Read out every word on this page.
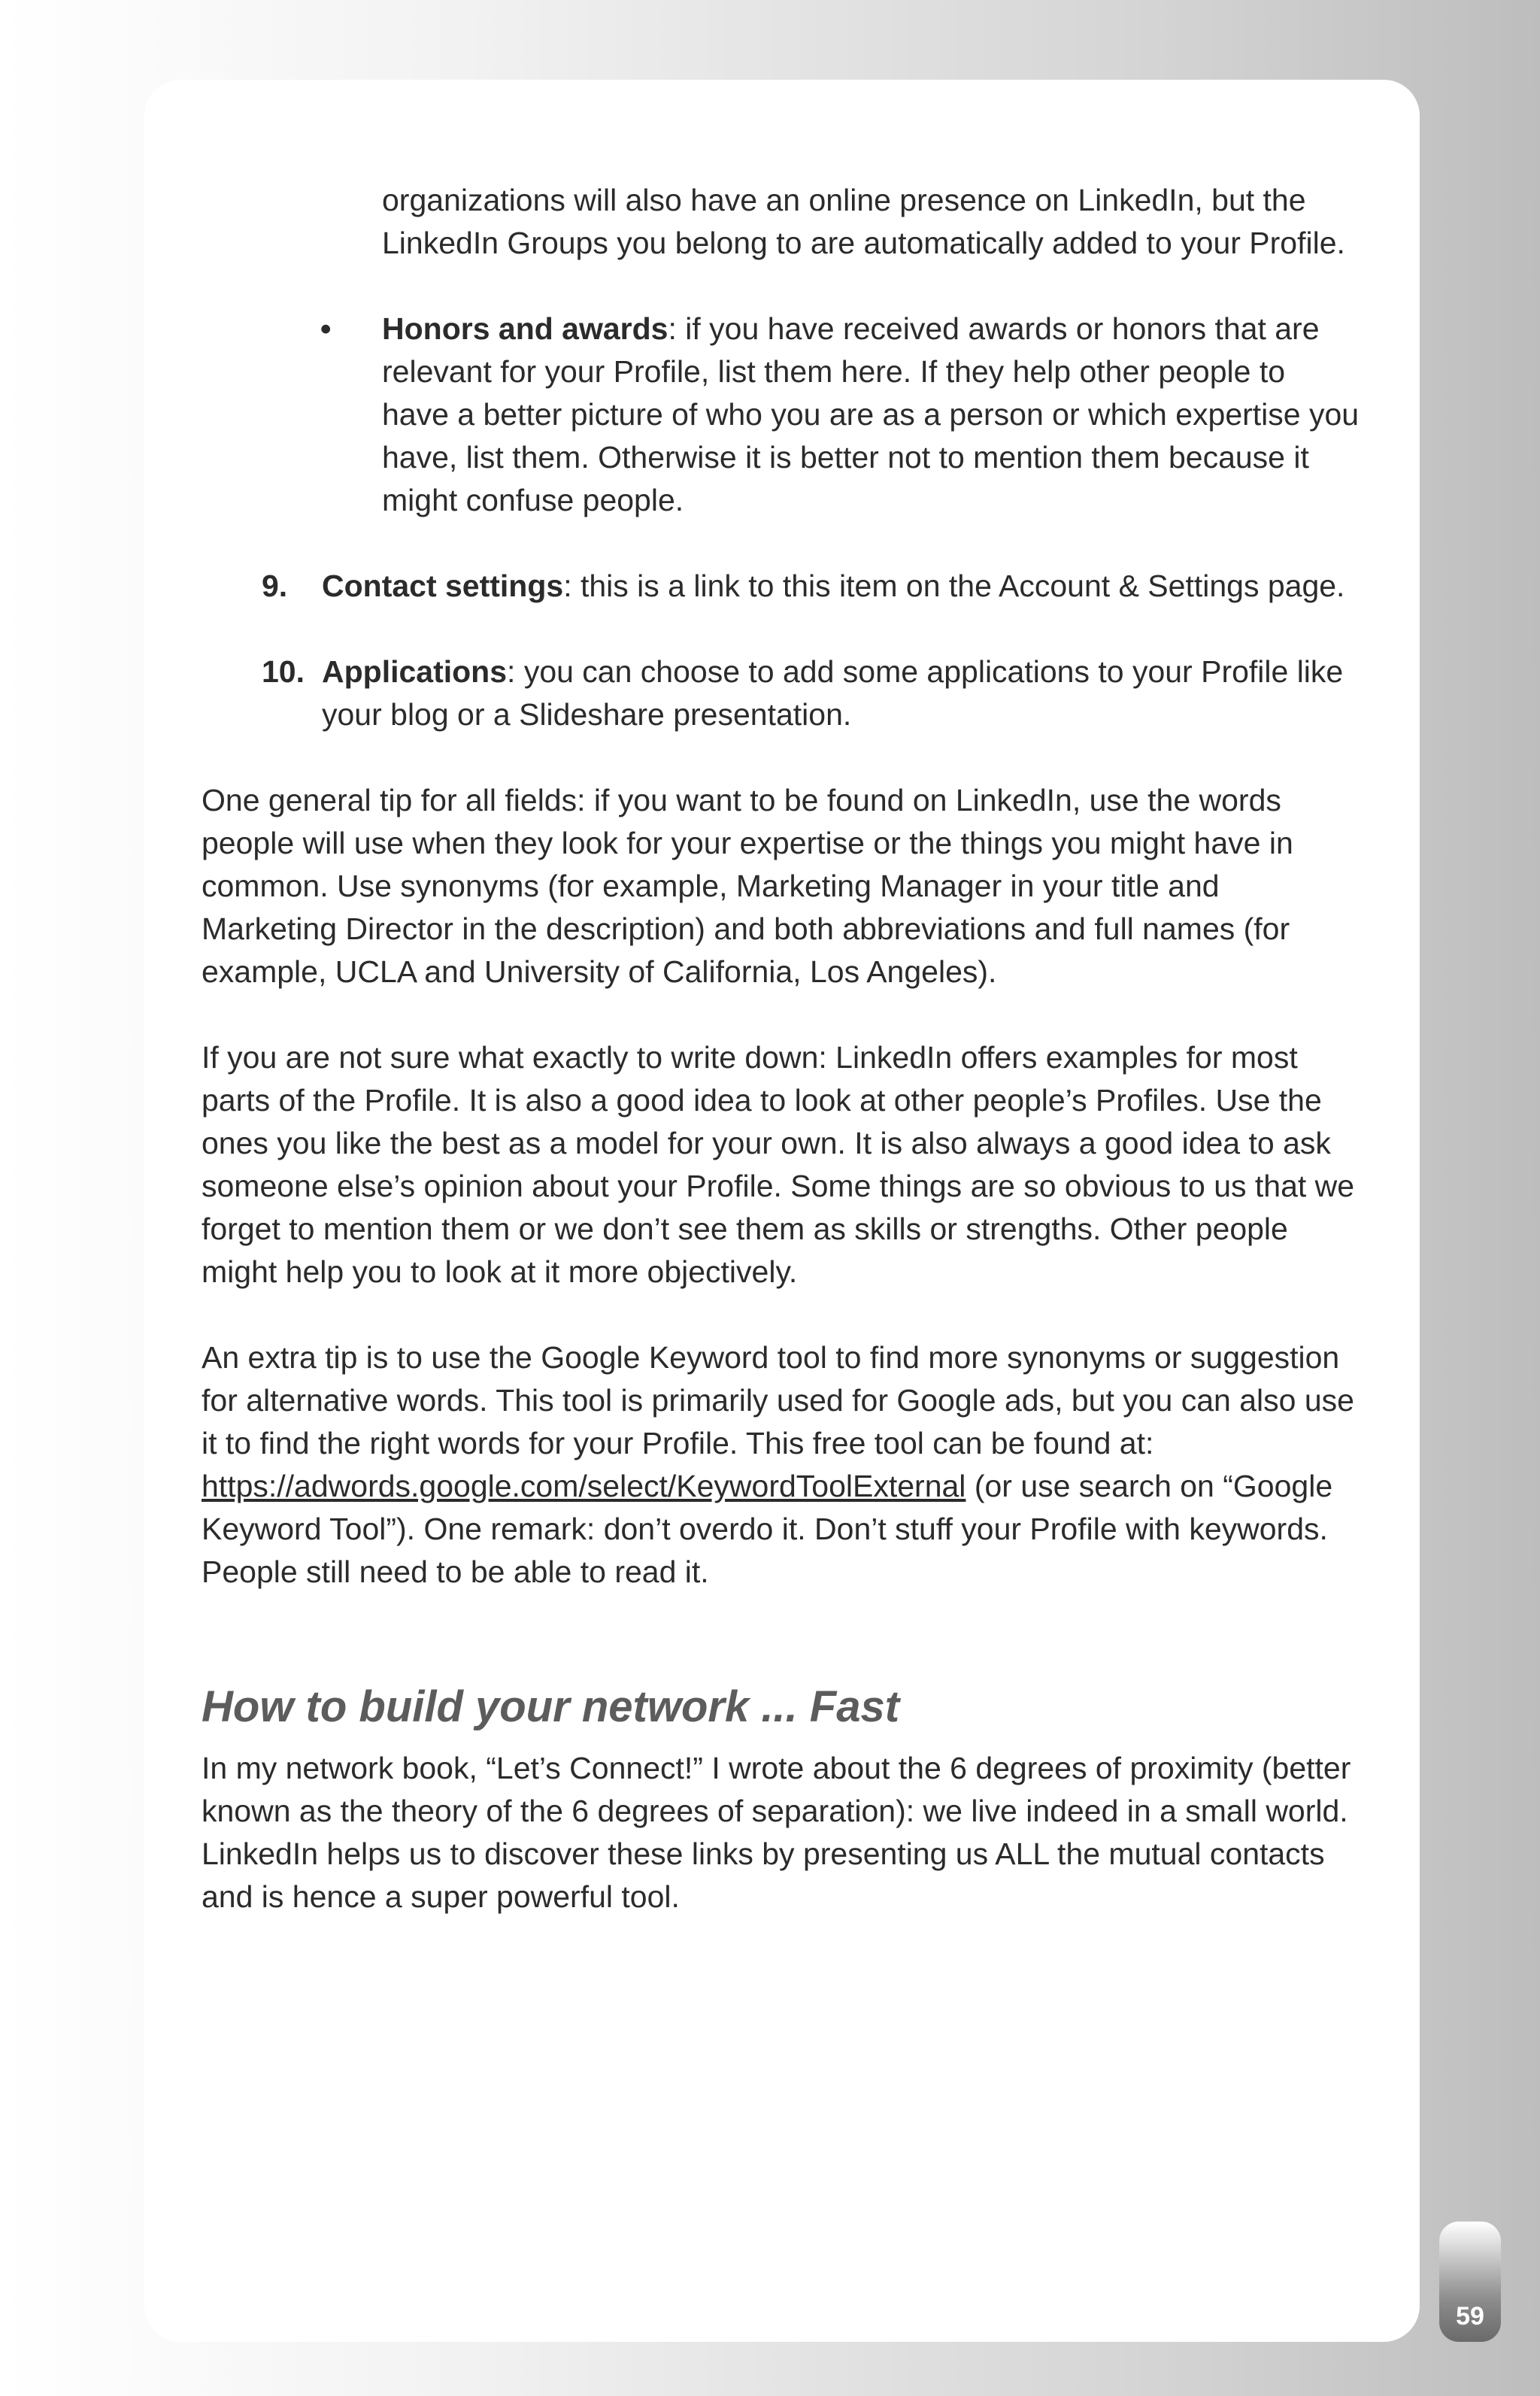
organizations will also have an online presence on LinkedIn, but the LinkedIn Groups you belong to are automatically added to your Profile.

• Honors and awards: if you have received awards or honors that are relevant for your Profile, list them here. If they help other people to have a better picture of who you are as a person or which expertise you have, list them. Otherwise it is better not to mention them because it might confuse people.
9. Contact settings: this is a link to this item on the Account & Settings page.
10. Applications: you can choose to add some applications to your Profile like your blog or a Slideshare presentation.

One general tip for all fields: if you want to be found on LinkedIn, use the words people will use when they look for your expertise or the things you might have in common. Use synonyms (for example, Marketing Manager in your title and Marketing Director in the description) and both abbreviations and full names (for example, UCLA and University of California, Los Angeles).

If you are not sure what exactly to write down: LinkedIn offers examples for most parts of the Profile. It is also a good idea to look at other people’s Profiles. Use the ones you like the best as a model for your own. It is also always a good idea to ask someone else’s opinion about your Profile. Some things are so obvious to us that we forget to mention them or we don’t see them as skills or strengths. Other people might help you to look at it more objectively.

An extra tip is to use the Google Keyword tool to find more synonyms or suggestion for alternative words. This tool is primarily used for Google ads, but you can also use it to find the right words for your Profile. This free tool can be found at: https://adwords.google.com/select/KeywordToolExternal (or use search on “Google Keyword Tool”). One remark: don’t overdo it. Don’t stuff your Profile with keywords. People still need to be able to read it.

How to build your network ... Fast

In my network book, “Let’s Connect!” I wrote about the 6 degrees of proximity (better known as the theory of the 6 degrees of separation): we live indeed in a small world. LinkedIn helps us to discover these links by presenting us ALL the mutual contacts and is hence a super powerful tool.

59
